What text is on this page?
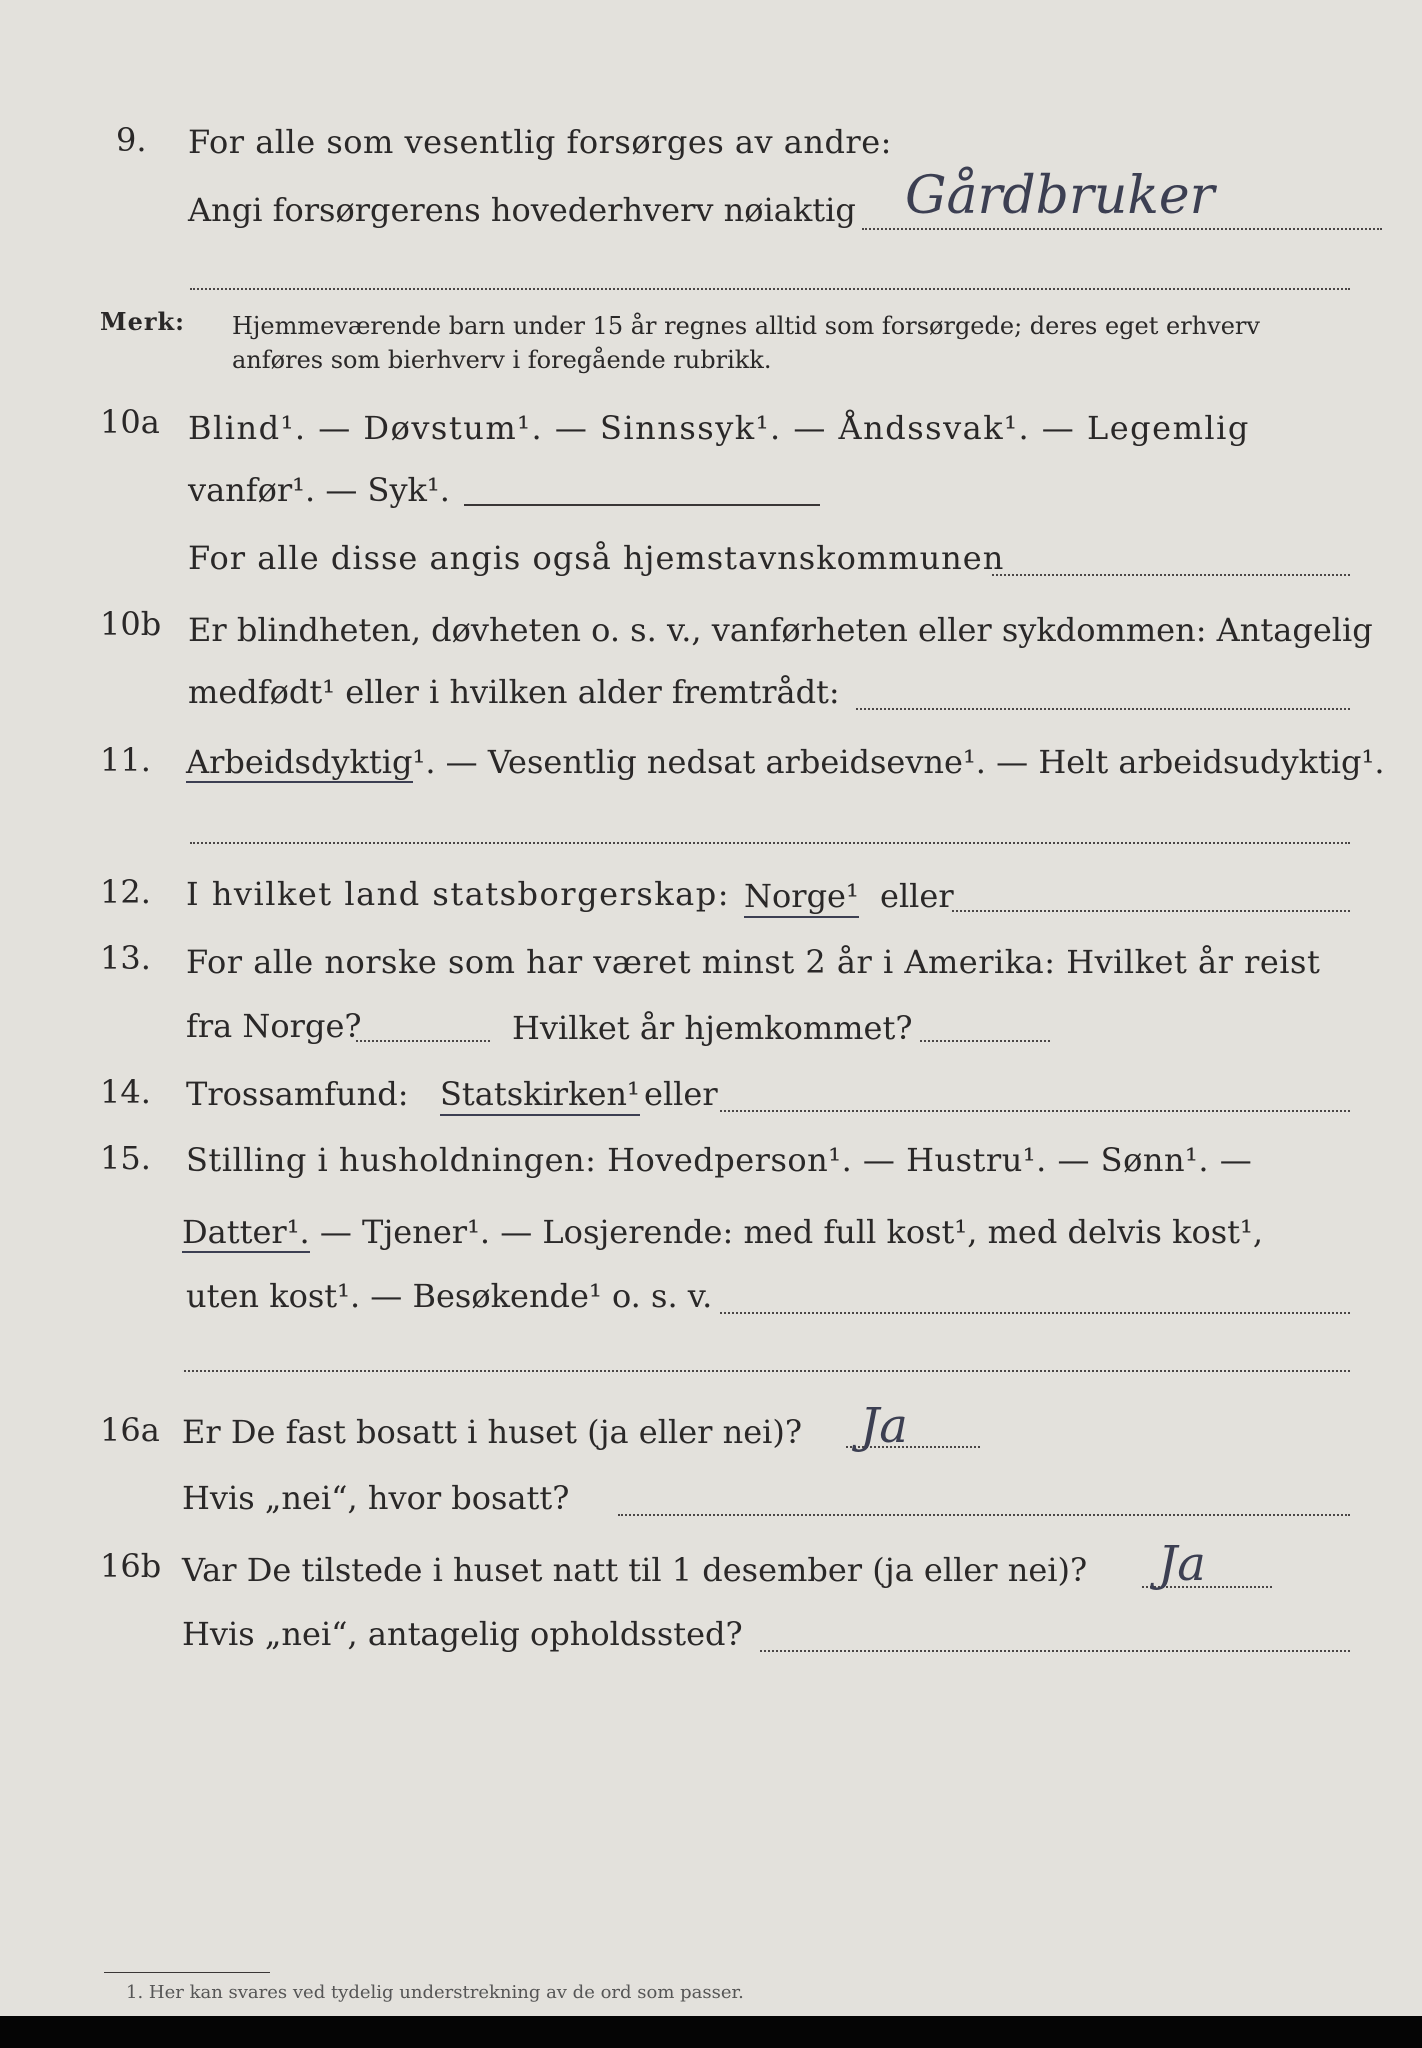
9. For alle som vesentlig forsørges av andre:
Angi forsørgerens hovederhverv nøiaktig Gårdbruker
Merk: Hjemmeværende barn under 15 år regnes alltid som forsørgede; deres eget erhverv
anføres som bierhverv i foregående rubrikk.
10a Blind¹. — Døvstum¹. — Sinnssyk¹. — Åndssvak¹. — Legemlig
vanfør¹. — Syk¹.
For alle disse angis også hjemstavnskommunen
10b Er blindheten, døvheten o. s. v., vanførheten eller sykdommen: Antagelig
medfødt¹ eller i hvilken alder fremtrådt:
11. Arbeidsdyktig¹. — Vesentlig nedsat arbeidsevne¹. — Helt arbeidsudyktig¹.
12. I hvilket land statsborgerskap: Norge¹ eller
13. For alle norske som har været minst 2 år i Amerika: Hvilket år reist
fra Norge?	Hvilket år hjemkommet?
14. Trossamfund: Statskirken¹ eller
15. Stilling i husholdningen: Hovedperson¹. — Hustru¹. — Sønn¹. —
Datter¹. — Tjener¹. — Losjerende: med full kost¹, med delvis kost¹,
uten kost¹. — Besøkende¹ o. s. v.
16a Er De fast bosatt i huset (ja eller nei)? Ja
Hvis „nei“, hvor bosatt?
16b Var De tilstede i huset natt til 1 desember (ja eller nei)? Ja
Hvis „nei“, antagelig opholdssted?
1. Her kan svares ved tydelig understrekning av de ord som passer.
